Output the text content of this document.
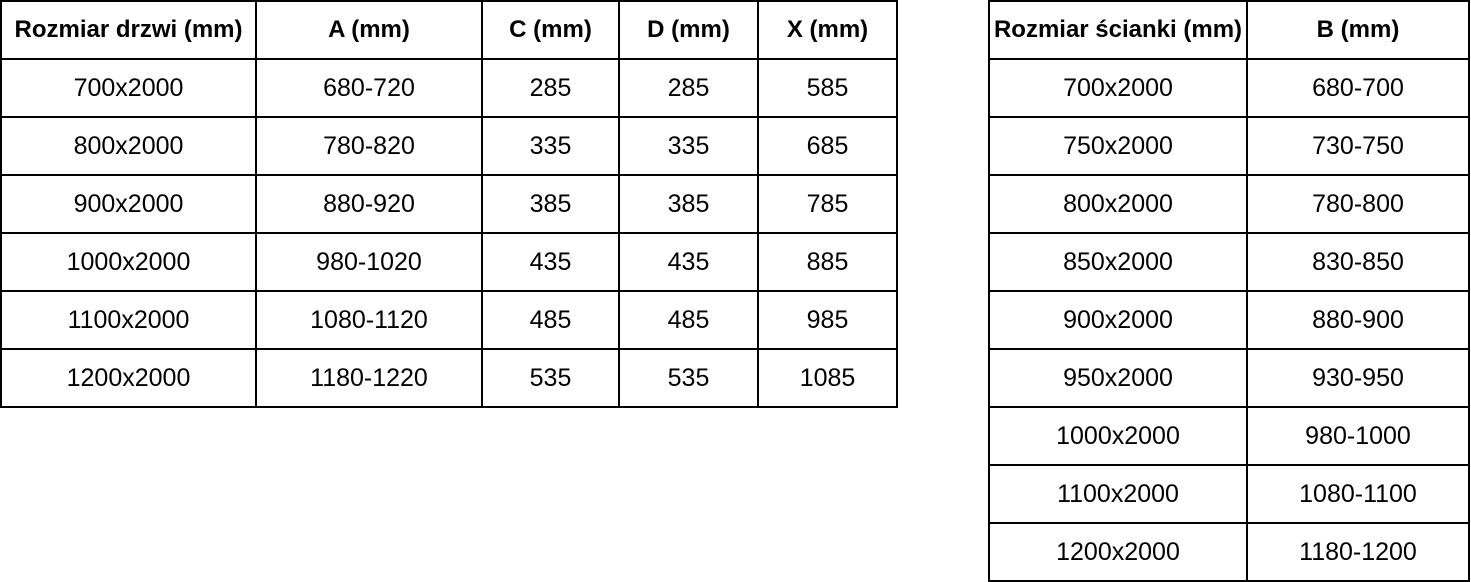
Rozmiar drzwi (mm)	A (mm)	C (mm)	D (mm)	X (mm)
700x2000	680-720	285	285	585
800x2000	780-820	335	335	685
900x2000	880-920	385	385	785
1000x2000	980-1020	435	435	885
1100x2000	1080-1120	485	485	985
1200x2000	1180-1220	535	535	1085
Rozmiar ścianki (mm)	B (mm)
700x2000	680-700
750x2000	730-750
800x2000	780-800
850x2000	830-850
900x2000	880-900
950x2000	930-950
1000x2000	980-1000
1100x2000	1080-1100
1200x2000	1180-1200
